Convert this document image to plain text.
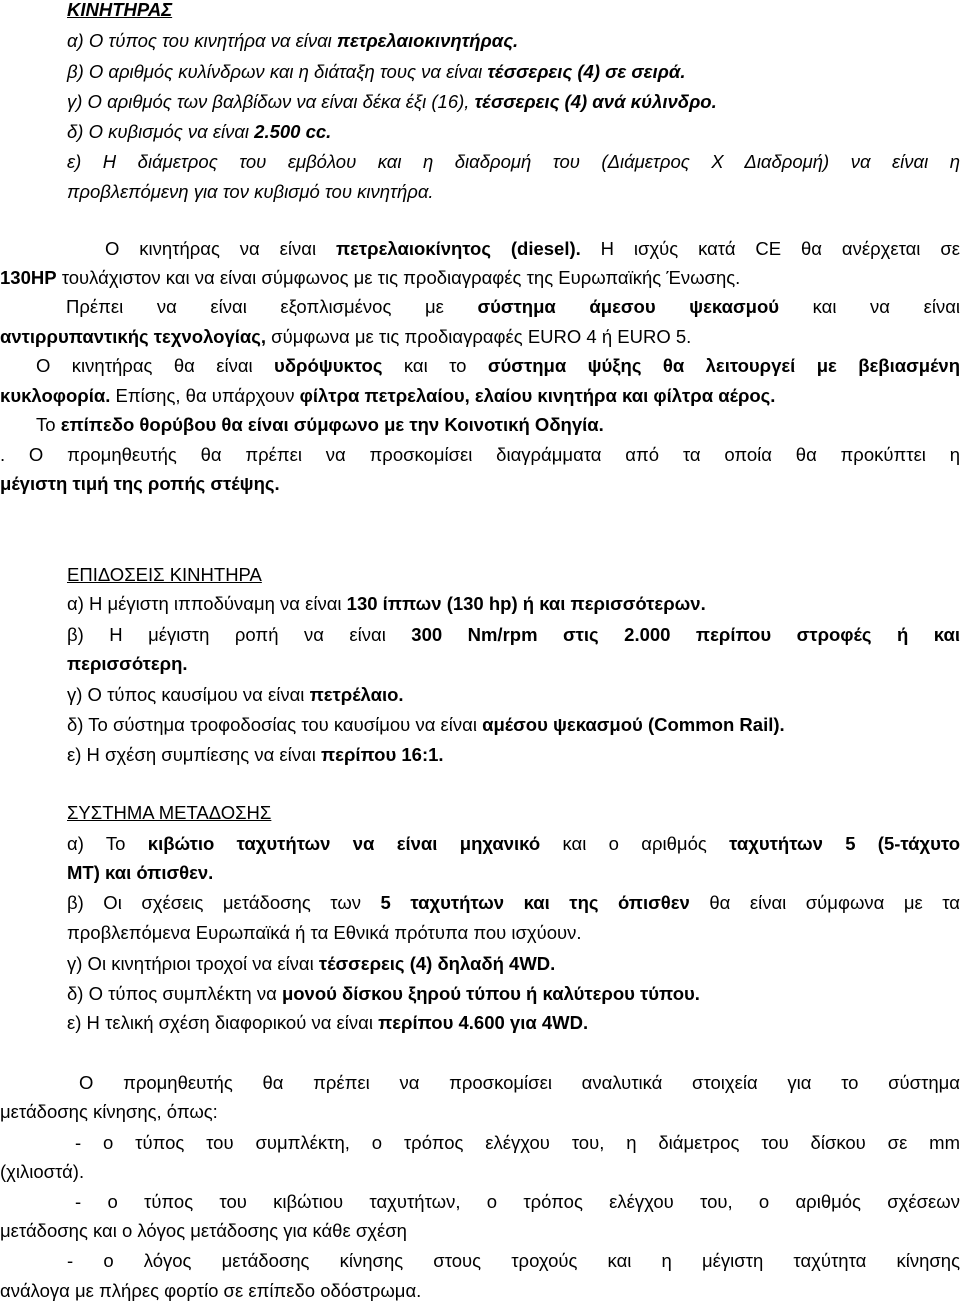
ΚΙΝΗΤΗΡΑΣ
α) Ο τύπος του κινητήρα να είναι πετρελαιοκινητήρας.
β) Ο αριθμός κυλίνδρων και η διάταξη τους να είναι τέσσερεις (4) σε σειρά.
γ) Ο αριθμός των βαλβίδων να είναι δέκα έξι (16), τέσσερεις (4) ανά κύλινδρο.
δ) Ο κυβισμός να είναι 2.500 cc.
ε) Η διάμετρος του εμβόλου και η διαδρομή του (Διάμετρος Χ Διαδρομή) να είναι η
προβλεπόμενη για τον κυβισμό του κινητήρα.
Ο κινητήρας να είναι πετρελαιοκίνητος (diesel). Η ισχύς κατά CE θα ανέρχεται σε
130HP τουλάχιστον και να είναι σύμφωνος με τις προδιαγραφές της Ευρωπαϊκής Ένωσης.
Πρέπει να είναι εξοπλισμένος με σύστημα άμεσου ψεκασμού και να είναι
αντιρρυπαντικής τεχνολογίας, σύμφωνα με τις προδιαγραφές EURO 4 ή EURO 5.
Ο κινητήρας θα είναι υδρόψυκτος και το σύστημα ψύξης θα λειτουργεί με βεβιασμένη
κυκλοφορία. Επίσης, θα υπάρχουν φίλτρα πετρελαίου, ελαίου κινητήρα και φίλτρα αέρος.
Το επίπεδο θορύβου θα είναι σύμφωνο με την Κοινοτική Οδηγία.
. Ο προμηθευτής θα πρέπει να προσκομίσει διαγράμματα από τα οποία θα προκύπτει η
μέγιστη τιμή της ροπής στέψης.
ΕΠΙΔΟΣΕΙΣ ΚΙΝΗΤΗΡΑ
α) Η μέγιστη ιπποδύναμη να είναι 130 ίππων (130 hp) ή και περισσότερων.
β) Η μέγιστη ροπή να είναι 300 Nm/rpm στις 2.000 περίπου στροφές ή και
περισσότερη.
γ) Ο τύπος καυσίμου να είναι πετρέλαιο.
δ) Το σύστημα τροφοδοσίας του καυσίμου να είναι αμέσου ψεκασμού (Common Rail).
ε) Η σχέση συμπίεσης να είναι περίπου 16:1.
ΣΥΣΤΗΜΑ ΜΕΤΑΔΟΣΗΣ
α) Το κιβώτιο ταχυτήτων να είναι μηχανικό και ο αριθμός ταχυτήτων 5 (5-τάχυτο
ΜΤ) και όπισθεν.
β) Οι σχέσεις μετάδοσης των 5 ταχυτήτων και της όπισθεν θα είναι σύμφωνα με τα
προβλεπόμενα Ευρωπαϊκά ή τα Εθνικά πρότυπα που ισχύουν.
γ) Οι κινητήριοι τροχοί να είναι τέσσερεις (4) δηλαδή 4WD.
δ) Ο τύπος συμπλέκτη να μονού δίσκου ξηρού τύπου ή καλύτερου τύπου.
ε) Η τελική σχέση διαφορικού να είναι περίπου 4.600 για 4WD.
Ο προμηθευτής θα πρέπει να προσκομίσει αναλυτικά στοιχεία για το σύστημα
μετάδοσης κίνησης, όπως:
- ο τύπος του συμπλέκτη, ο τρόπος ελέγχου του, η διάμετρος του δίσκου σε mm
(χιλιοστά).
- ο τύπος του κιβώτιου ταχυτήτων, ο τρόπος ελέγχου του, ο αριθμός σχέσεων
μετάδοσης και ο λόγος μετάδοσης για κάθε σχέση
- ο λόγος μετάδοσης κίνησης στους τροχούς και η μέγιστη ταχύτητα κίνησης
ανάλογα με πλήρες φορτίο σε επίπεδο οδόστρωμα.
